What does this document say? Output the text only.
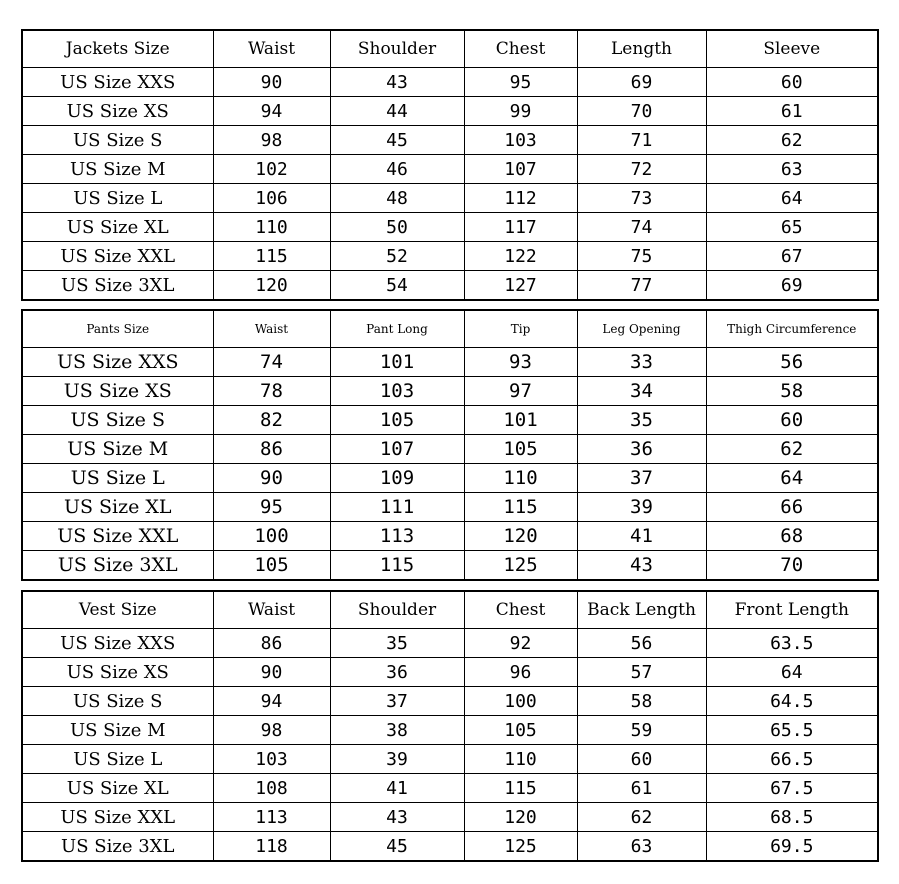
Jackets Size	Waist	Shoulder	Chest	Length	Sleeve
US Size XXS	90	43	95	69	60
US Size XS	94	44	99	70	61
US Size S	98	45	103	71	62
US Size M	102	46	107	72	63
US Size L	106	48	112	73	64
US Size XL	110	50	117	74	65
US Size XXL	115	52	122	75	67
US Size 3XL	120	54	127	77	69
Pants Size	Waist	Pant Long	Tip	Leg Opening	Thigh Circumference
US Size XXS	74	101	93	33	56
US Size XS	78	103	97	34	58
US Size S	82	105	101	35	60
US Size M	86	107	105	36	62
US Size L	90	109	110	37	64
US Size XL	95	111	115	39	66
US Size XXL	100	113	120	41	68
US Size 3XL	105	115	125	43	70
Vest Size	Waist	Shoulder	Chest	Back Length	Front Length
US Size XXS	86	35	92	56	63.5
US Size XS	90	36	96	57	64
US Size S	94	37	100	58	64.5
US Size M	98	38	105	59	65.5
US Size L	103	39	110	60	66.5
US Size XL	108	41	115	61	67.5
US Size XXL	113	43	120	62	68.5
US Size 3XL	118	45	125	63	69.5
